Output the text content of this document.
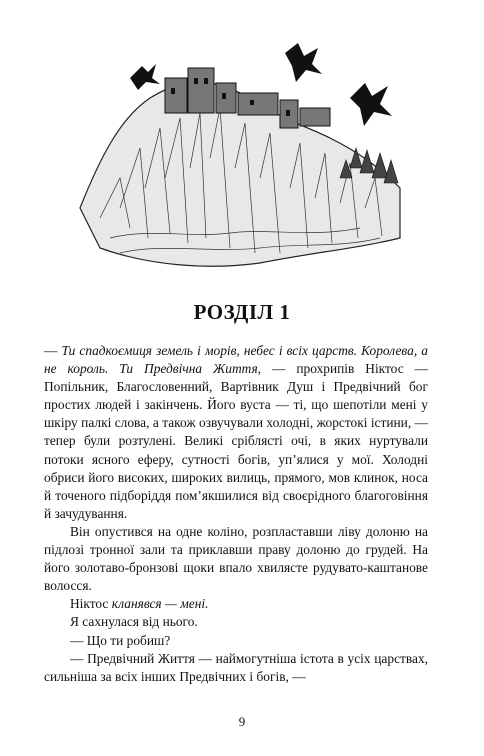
РОЗДІЛ 1

— Ти спадкоємиця земель і морів, небес і всіх царств. Королева, а не король. Ти Предвічна Життя, — прохрипів Ніктос — Попільник, Благословенний, Вартівник Душ і Предвічний бог простих людей і закінчень. Його вуста — ті, що шепотіли мені у шкіру палкі слова, а також озвучували холодні, жорстокі істини, — тепер були розтулені. Великі сріблясті очі, в яких нуртували потоки ясного еферу, сутності богів, уп’ялися у мої. Холодні обриси його високих, широких вилиць, прямого, мов клинок, носа й точеного підборіддя пом’якшилися від своєрідного благоговіння й зачудування.

Він опустився на одне коліно, розпластавши ліву долоню на підлозі тронної зали та приклавши праву долоню до грудей. На його золотаво-бронзові щоки впало хвилясте рудувато-каштанове волосся.

Ніктос кланявся — мені.

Я сахнулася від нього.

— Що ти робиш?

— Предвічний Життя — наймогутніша істота в усіх царствах, сильніша за всіх інших Предвічних і богів, —

9
